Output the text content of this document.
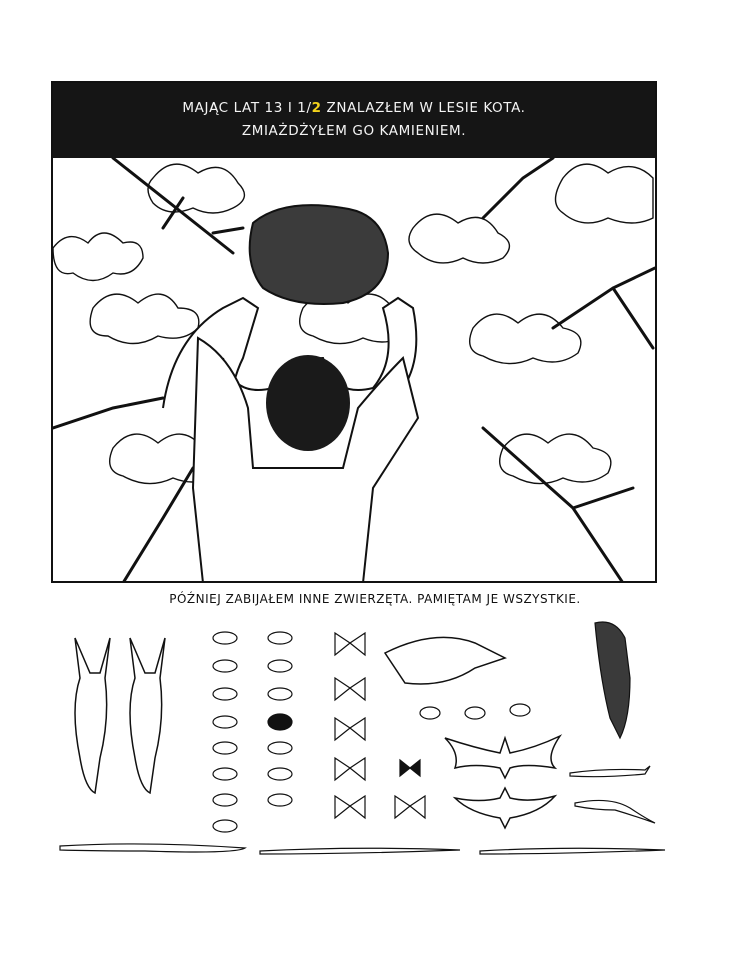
MAJĄC LAT 13 I 1/2 ZNALAZŁEM W LESIE KOTA.
ZMIAŻDŻYŁEM GO KAMIENIEM.
PÓŹNIEJ ZABIJAŁEM INNE ZWIERZĘTA. PAMIĘTAM JE WSZYSTKIE.
